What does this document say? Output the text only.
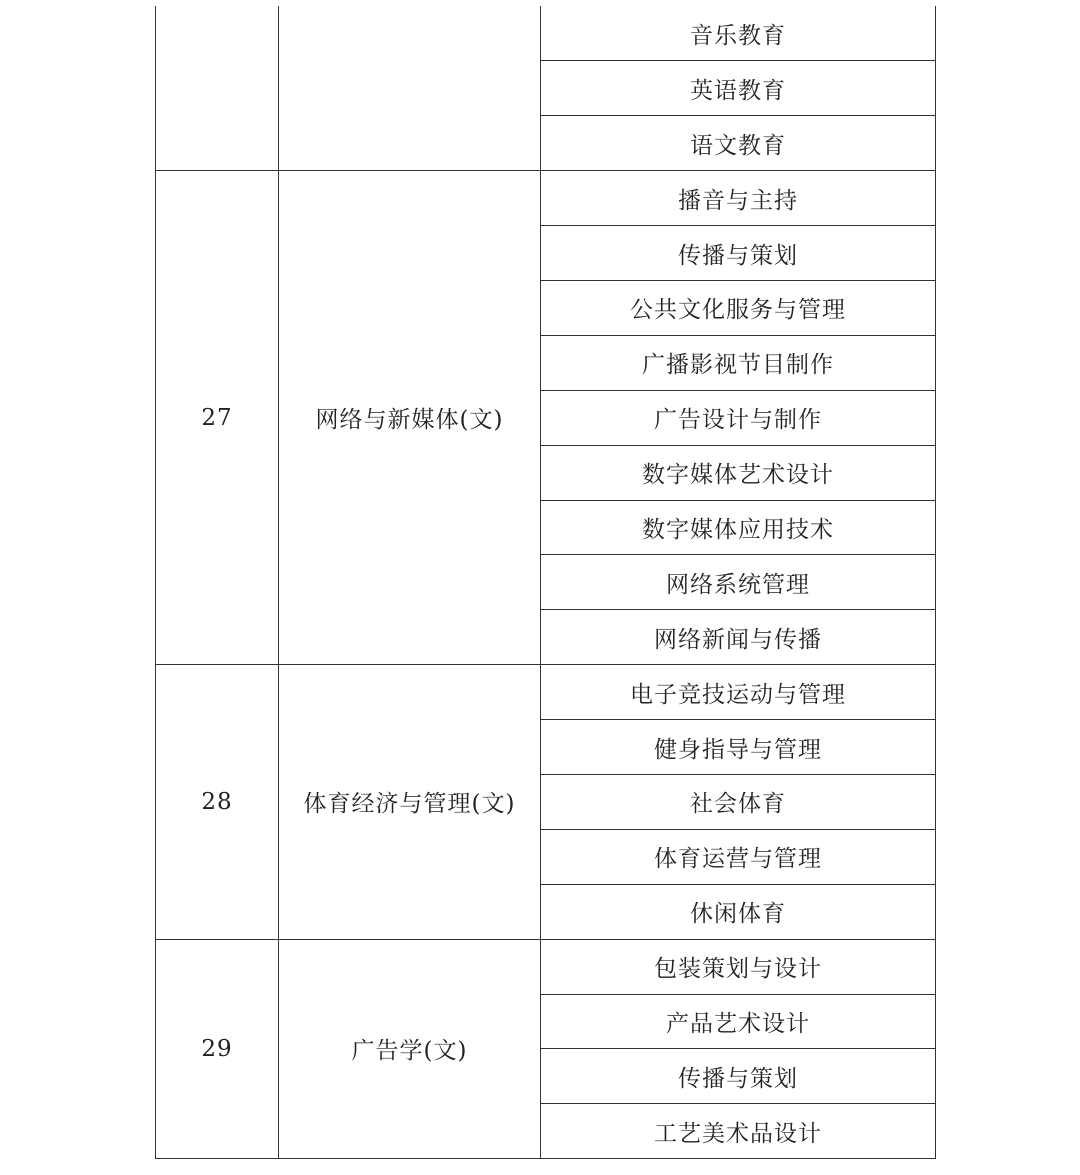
		音乐教育
		英语教育
		语文教育
27	网络与新媒体(文)	播音与主持
		传播与策划
		公共文化服务与管理
		广播影视节目制作
		广告设计与制作
		数字媒体艺术设计
		数字媒体应用技术
		网络系统管理
		网络新闻与传播
28	体育经济与管理(文)	电子竞技运动与管理
		健身指导与管理
		社会体育
		体育运营与管理
		休闲体育
29	广告学(文)	包装策划与设计
		产品艺术设计
		传播与策划
		工艺美术品设计
